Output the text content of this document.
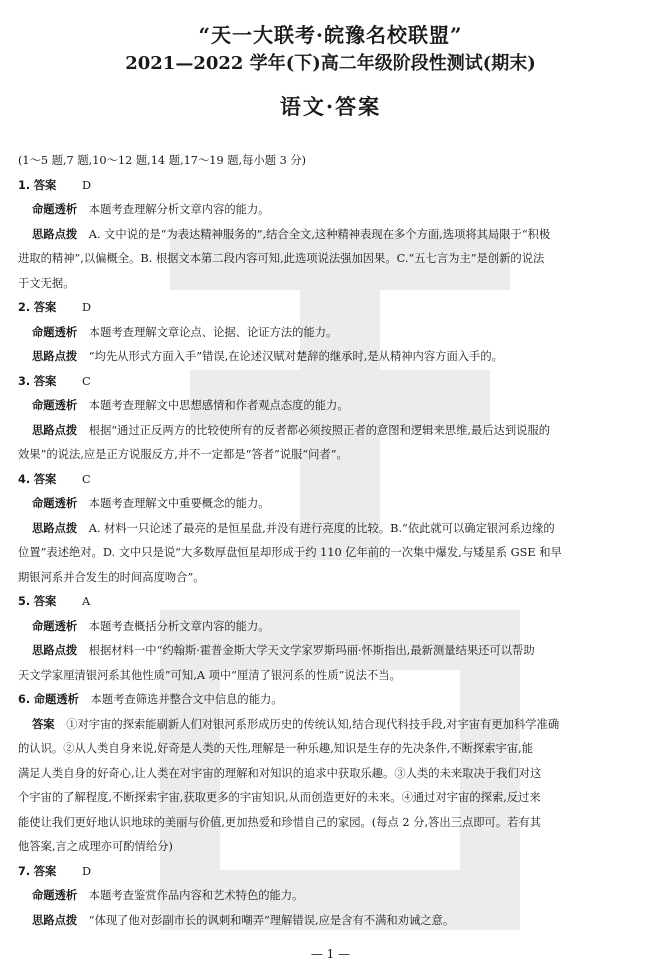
“天一大联考·皖豫名校联盟”
2021—2022 学年(下)高二年级阶段性测试(期末)
语文·答案
(1～5 题,7 题,10～12 题,14 题,17～19 题,每小题 3 分)
1. 答案 D
命题透析 本题考查理解分析文章内容的能力。
思路点拨 A. 文中说的是“为表达精神服务的”,结合全文,这种精神表现在多个方面,选项将其局限于“积极
进取的精神”,以偏概全。B. 根据文本第二段内容可知,此选项说法强加因果。C.“五七言为主”是创新的说法
于文无据。
2. 答案 D
命题透析 本题考查理解文章论点、论据、论证方法的能力。
思路点拨 “均先从形式方面入手”错误,在论述汉赋对楚辞的继承时,是从精神内容方面入手的。
3. 答案 C
命题透析 本题考查理解文中思想感情和作者观点态度的能力。
思路点拨 根据“通过正反两方的比较使所有的反者都必须按照正者的意图和逻辑来思维,最后达到说服的
效果”的说法,应是正方说服反方,并不一定都是“答者”说服“问者”。
4. 答案 C
命题透析 本题考查理解文中重要概念的能力。
思路点拨 A. 材料一只论述了最亮的是恒星盘,并没有进行亮度的比较。B.“依此就可以确定银河系边缘的
位置”表述绝对。D. 文中只是说“大多数厚盘恒星却形成于约 110 亿年前的一次集中爆发,与矮星系 GSE 和早
期银河系并合发生的时间高度吻合”。
5. 答案 A
命题透析 本题考查概括分析文章内容的能力。
思路点拨 根据材料一中“约翰斯·霍普金斯大学天文学家罗斯玛丽·怀斯指出,最新测量结果还可以帮助
天文学家厘清银河系其他性质”可知,A 项中“厘清了银河系的性质”说法不当。
6. 命题透析 本题考查筛选并整合文中信息的能力。
答案 ①对宇宙的探索能刷新人们对银河系形成历史的传统认知,结合现代科技手段,对宇宙有更加科学准确
的认识。②从人类自身来说,好奇是人类的天性,理解是一种乐趣,知识是生存的先决条件,不断探索宇宙,能
满足人类自身的好奇心,让人类在对宇宙的理解和对知识的追求中获取乐趣。③人类的未来取决于我们对这
个宇宙的了解程度,不断探索宇宙,获取更多的宇宙知识,从而创造更好的未来。④通过对宇宙的探索,反过来
能使让我们更好地认识地球的美丽与价值,更加热爱和珍惜自己的家园。(每点 2 分,答出三点即可。若有其
他答案,言之成理亦可酌情给分)
7. 答案 D
命题透析 本题考查鉴赏作品内容和艺术特色的能力。
思路点拨 “体现了他对彭副市长的讽刺和嘲弄”理解错误,应是含有不满和劝诫之意。
— 1 —
